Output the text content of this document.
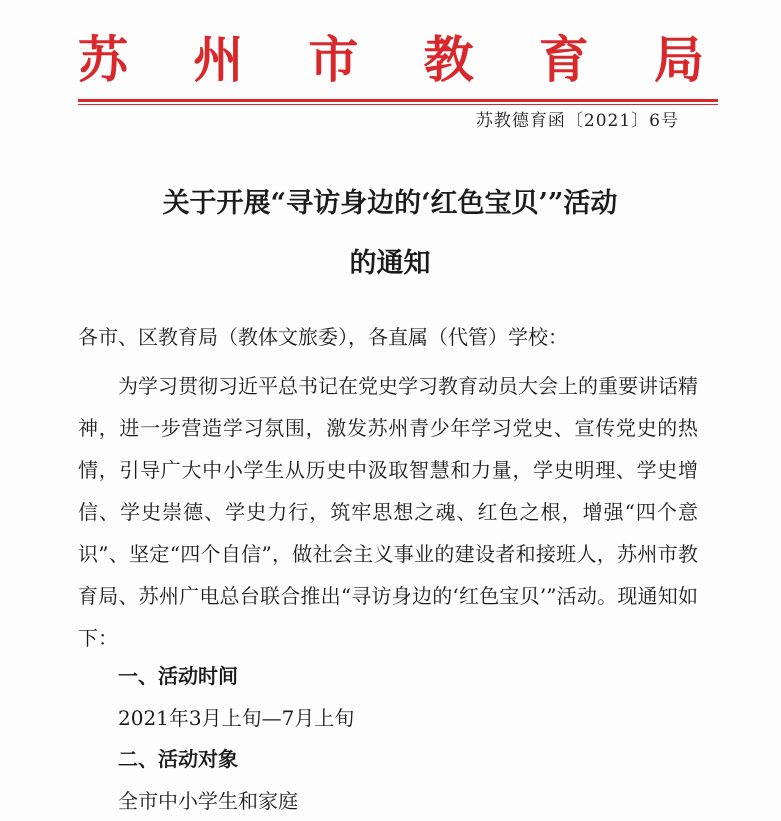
苏 州 市 教 育 局
苏教德育函〔2021〕6号
关于开展“寻访身边的‘红色宝贝’”活动
的通知
各市、区教育局（教体文旅委），各直属（代管）学校：

为学习贯彻习近平总书记在党史学习教育动员大会上的重要讲话精神，进一步营造学习氛围，激发苏州青少年学习党史、宣传党史的热情，引导广大中小学生从历史中汲取智慧和力量，学史明理、学史增信、学史崇德、学史力行，筑牢思想之魂、红色之根，增强“四个意识”、坚定“四个自信”，做社会主义事业的建设者和接班人，苏州市教育局、苏州广电总台联合推出“寻访身边的‘红色宝贝’”活动。现通知如下：

一、活动时间
2021年3月上旬—7月上旬
二、活动对象
全市中小学生和家庭
